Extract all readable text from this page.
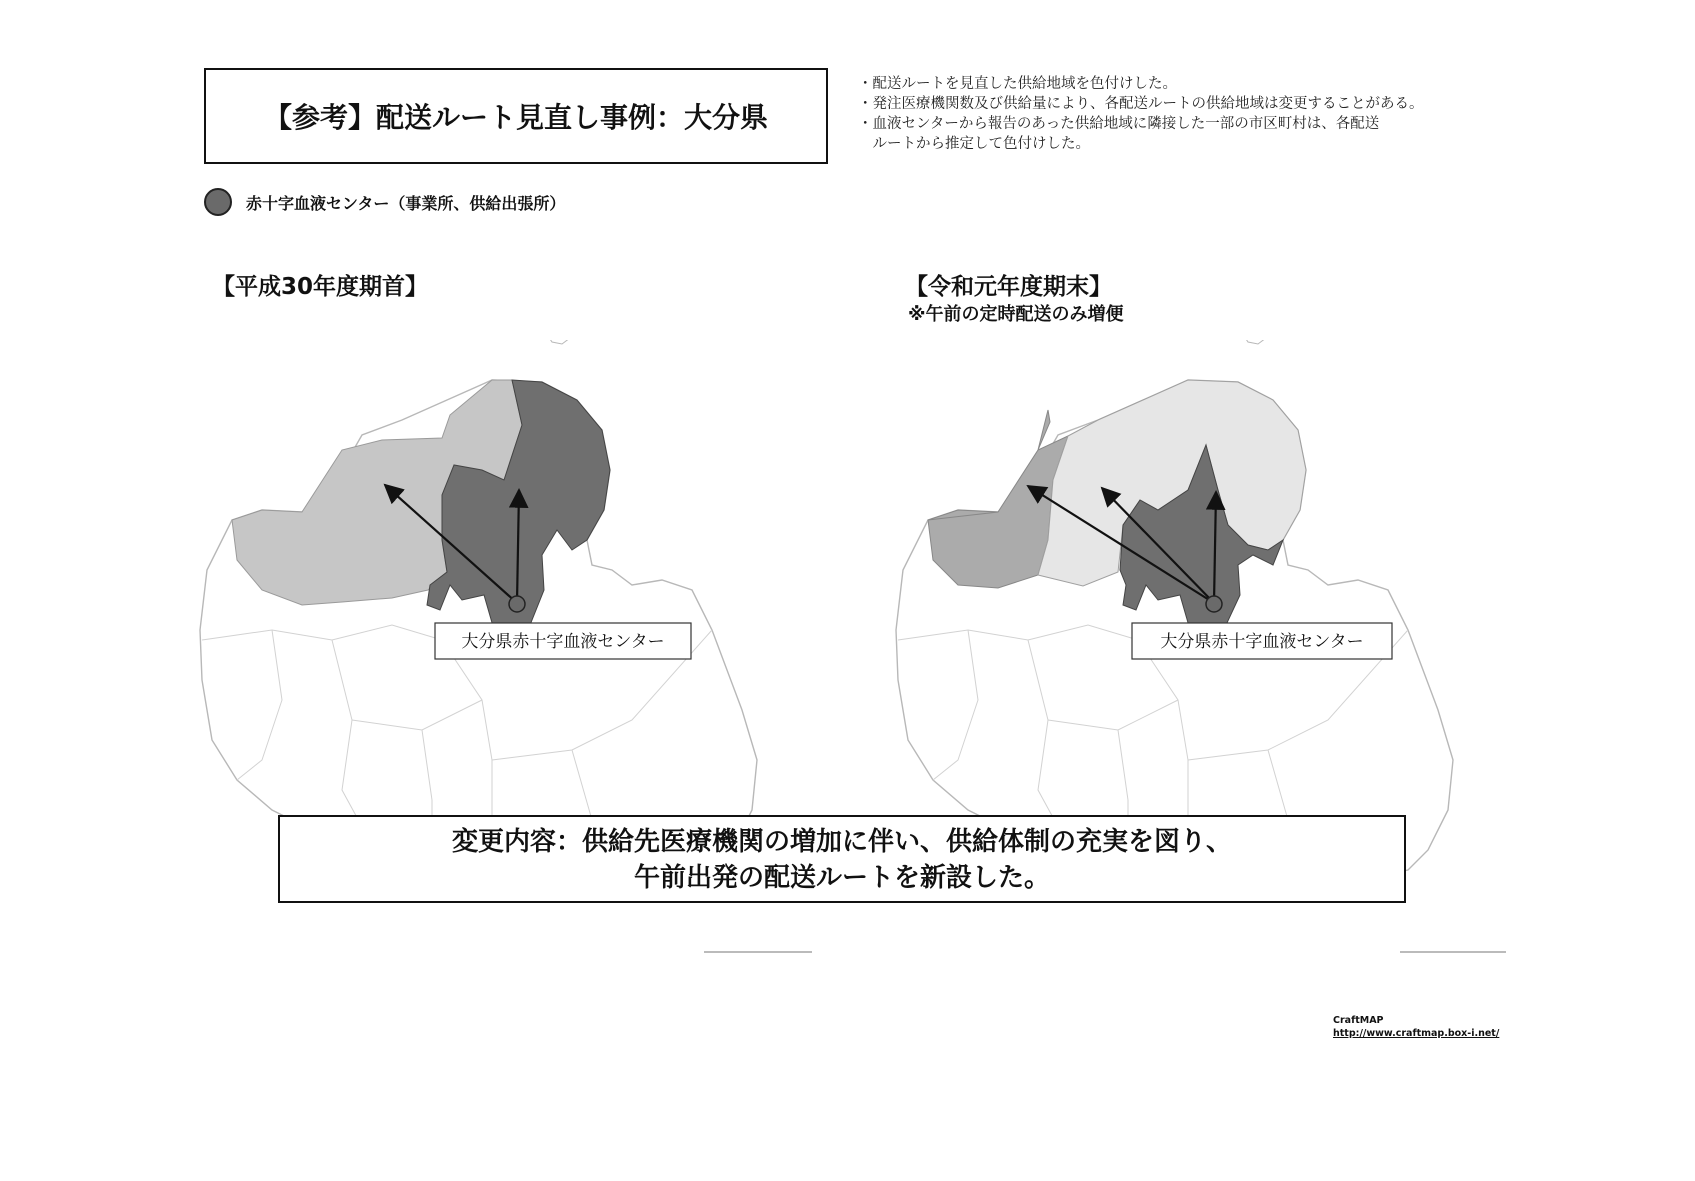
【参考】配送ルート見直し事例：大分県
・配送ルートを見直した供給地域を色付けした。
・発注医療機関数及び供給量により、各配送ルートの供給地域は変更することがある。
・血液センターから報告のあった供給地域に隣接した一部の市区町村は、各配送
　ルートから推定して色付けした。
赤十字血液センター（事業所、供給出張所）
【平成30年度期首】	【令和元年度期末】
※午前の定時配送のみ増便
大分県赤十字血液センター	大分県赤十字血液センター
変更内容：供給先医療機関の増加に伴い、供給体制の充実を図り、
午前出発の配送ルートを新設した。
CraftMAP
http://www.craftmap.box-i.net/
